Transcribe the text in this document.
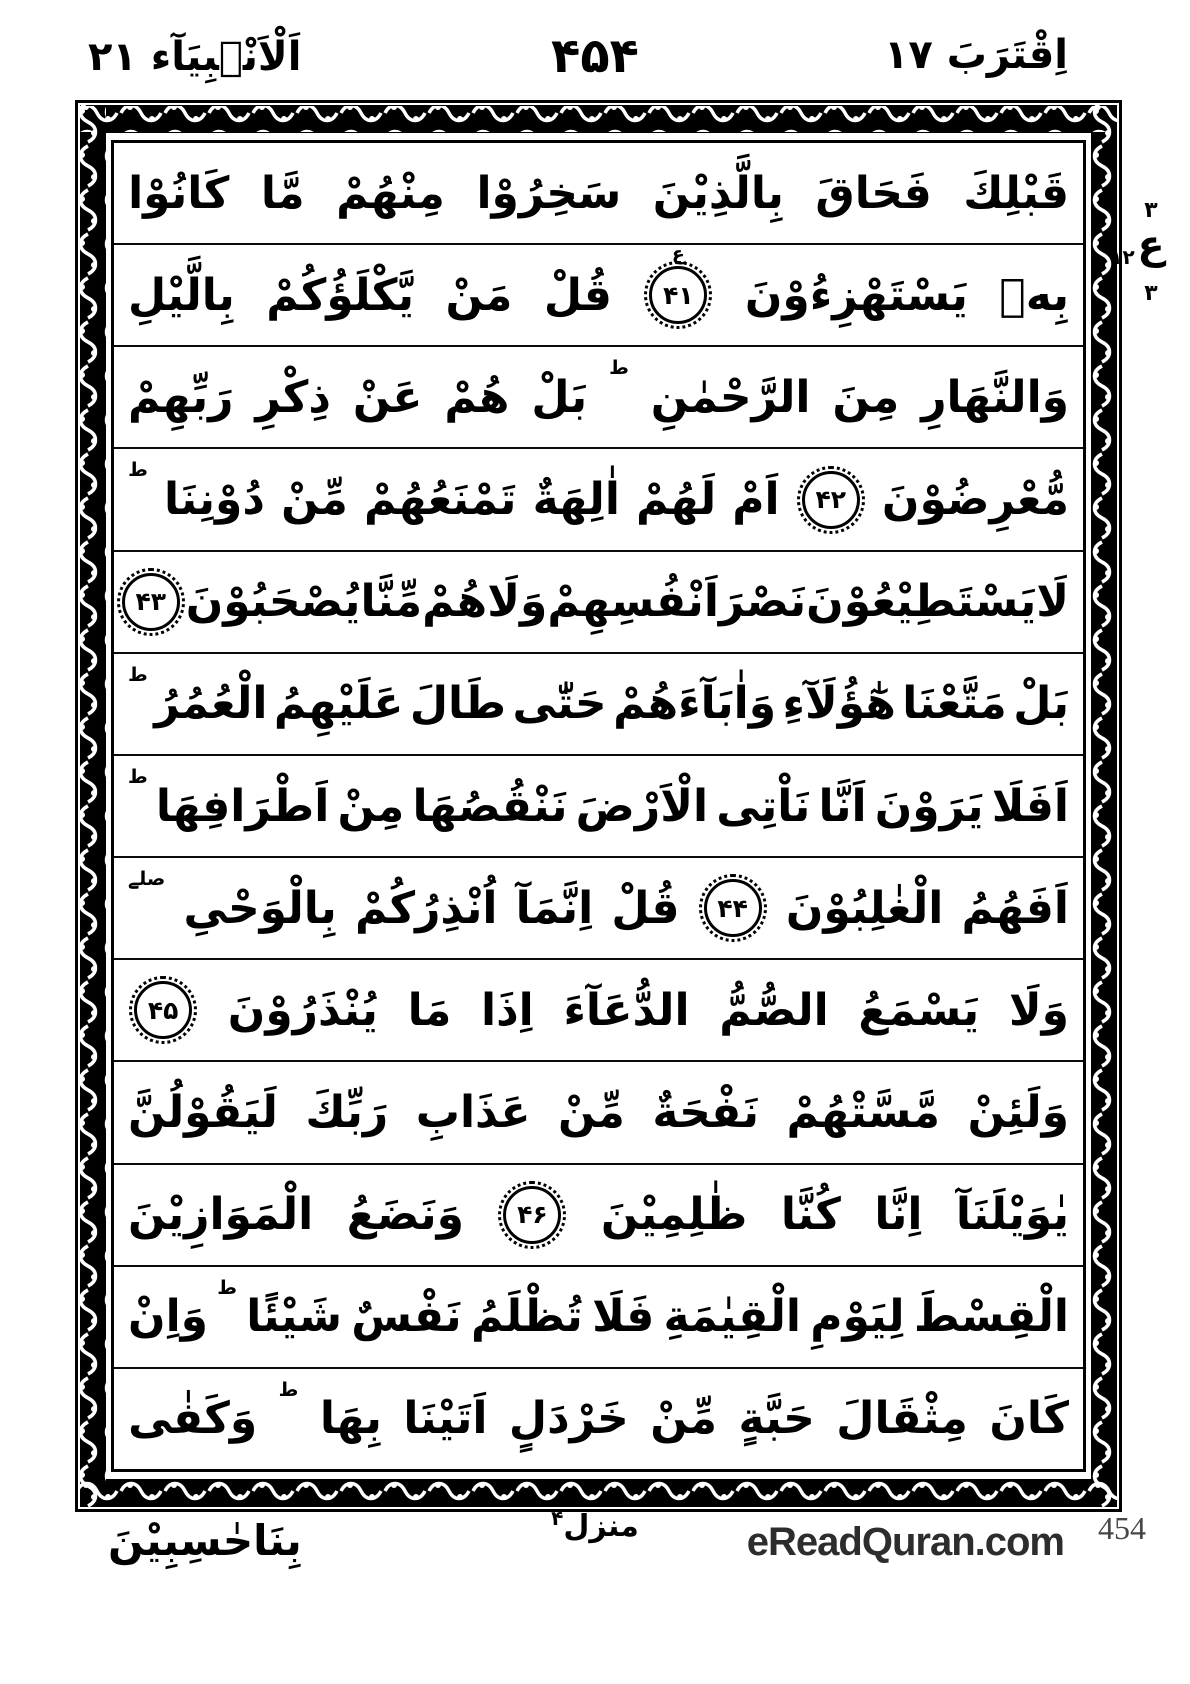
اَلْاَنْۢبِيَآء ٢١	۴۵۴	اِقْتَرَبَ ١٧
قَبْلِكَ
فَحَاقَ
بِالَّذِيْنَ
سَخِرُوْا
مِنْهُمْ
مَّا
كَانُوْا
بِهٖ
يَسْتَهْزِءُوْنَ
۴۱
ع
قُلْ
مَنْ
يَّكْلَؤُكُمْ
بِالَّيْلِ
وَالنَّهَارِ
مِنَ
الرَّحْمٰنِ
ط
بَلْ
هُمْ
عَنْ
ذِكْرِ
رَبِّهِمْ
مُّعْرِضُوْنَ
۴۲
اَمْ
لَهُمْ
اٰلِهَةٌ
تَمْنَعُهُمْ
مِّنْ
دُوْنِنَا
ط
لَا
يَسْتَطِيْعُوْنَ
نَصْرَ
اَنْفُسِهِمْ
وَلَا
هُمْ
مِّنَّا
يُصْحَبُوْنَ
۴۳
بَلْ
مَتَّعْنَا
هٰٓؤُلَآءِ
وَاٰبَآءَهُمْ
حَتّٰى
طَالَ
عَلَيْهِمُ
الْعُمُرُ
ط
اَفَلَا
يَرَوْنَ
اَنَّا
نَاْتِى
الْاَرْضَ
نَنْقُصُهَا
مِنْ
اَطْرَافِهَا
ط
اَفَهُمُ
الْغٰلِبُوْنَ
۴۴
قُلْ
اِنَّمَآ
اُنْذِرُكُمْ
بِالْوَحْىِ
صلے
وَلَا
يَسْمَعُ
الصُّمُّ
الدُّعَآءَ
اِذَا
مَا
يُنْذَرُوْنَ
۴۵
وَلَئِنْ
مَّسَّتْهُمْ
نَفْحَةٌ
مِّنْ
عَذَابِ
رَبِّكَ
لَيَقُوْلُنَّ
يٰوَيْلَنَآ
اِنَّا
كُنَّا
ظٰلِمِيْنَ
۴۶
وَنَضَعُ
الْمَوَازِيْنَ
الْقِسْطَ
لِيَوْمِ
الْقِيٰمَةِ
فَلَا
تُظْلَمُ
نَفْسٌ
شَيْئًا
ط
وَاِنْ
كَانَ
مِثْقَالَ
حَبَّةٍ
مِّنْ
خَرْدَلٍ
اَتَيْنَا
بِهَا
ط
وَكَفٰى
٣
ع
١٢
٣
بِنَاحٰسِبِيْنَ	منزل$^۴$
eReadQuran.com 454
